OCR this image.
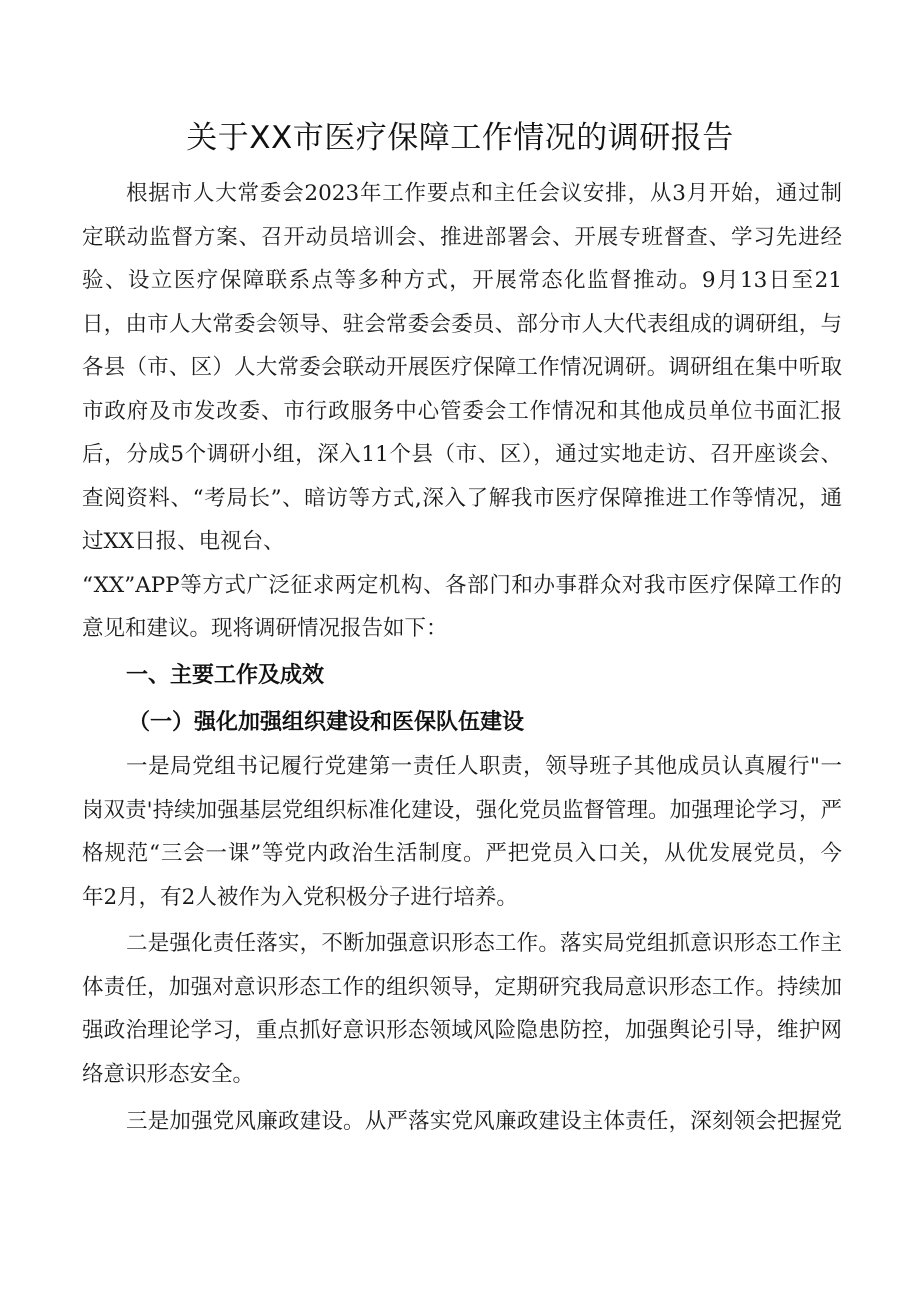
关于XX市医疗保障工作情况的调研报告
根据市人大常委会2023年工作要点和主任会议安排，从3月开始，通过制
定联动监督方案、召开动员培训会、推进部署会、开展专班督查、学习先进经
验、设立医疗保障联系点等多种方式，开展常态化监督推动。9月13日至21
日，由市人大常委会领导、驻会常委会委员、部分市人大代表组成的调研组，与
各县（市、区）人大常委会联动开展医疗保障工作情况调研。调研组在集中听取
市政府及市发改委、市行政服务中心管委会工作情况和其他成员单位书面汇报
后，分成5个调研小组，深入11个县（市、区），通过实地走访、召开座谈会、
查阅资料、“考局长”、暗访等方式,深入了解我市医疗保障推进工作等情况，通
过XX日报、电视台、
“XX”APP等方式广泛征求两定机构、各部门和办事群众对我市医疗保障工作的
意见和建议。现将调研情况报告如下：
一、主要工作及成效
（一）强化加强组织建设和医保队伍建设
一是局党组书记履行党建第一责任人职责，领导班子其他成员认真履行"一
岗双责'持续加强基层党组织标准化建设，强化党员监督管理。加强理论学习，严
格规范“三会一课”等党内政治生活制度。严把党员入口关，从优发展党员，今
年2月，有2人被作为入党积极分子进行培养。
二是强化责任落实，不断加强意识形态工作。落实局党组抓意识形态工作主
体责任，加强对意识形态工作的组织领导，定期研究我局意识形态工作。持续加
强政治理论学习，重点抓好意识形态领域风险隐患防控，加强舆论引导，维护网
络意识形态安全。
三是加强党风廉政建设。从严落实党风廉政建设主体责任，深刻领会把握党
